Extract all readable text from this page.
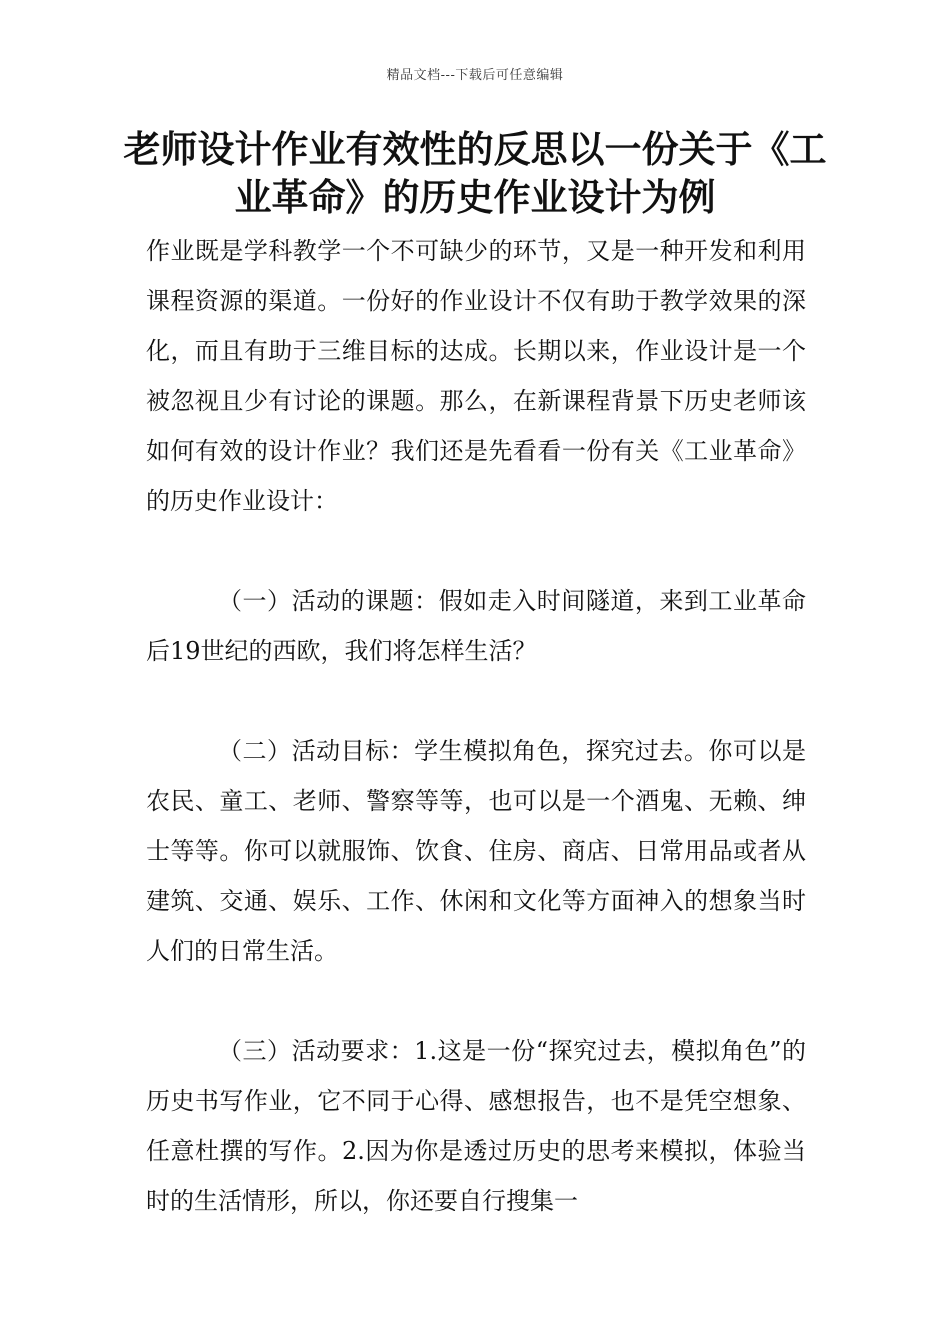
精品文档---下载后可任意编辑
老师设计作业有效性的反思以一份关于《工业革命》的历史作业设计为例

作业既是学科教学一个不可缺少的环节，又是一种开发和利用课程资源的渠道。一份好的作业设计不仅有助于教学效果的深化，而且有助于三维目标的达成。长期以来，作业设计是一个被忽视且少有讨论的课题。那么，在新课程背景下历史老师该如何有效的设计作业？我们还是先看看一份有关《工业革命》的历史作业设计：

（一）活动的课题：假如走入时间隧道，来到工业革命后19世纪的西欧，我们将怎样生活？

（二）活动目标：学生模拟角色，探究过去。你可以是农民、童工、老师、警察等等，也可以是一个酒鬼、无赖、绅士等等。你可以就服饰、饮食、住房、商店、日常用品或者从建筑、交通、娱乐、工作、休闲和文化等方面神入的想象当时人们的日常生活。

（三）活动要求：1.这是一份“探究过去，模拟角色”的历史书写作业，它不同于心得、感想报告，也不是凭空想象、任意杜撰的写作。2.因为你是透过历史的思考来模拟，体验当时的生活情形，所以，你还要自行搜集一
